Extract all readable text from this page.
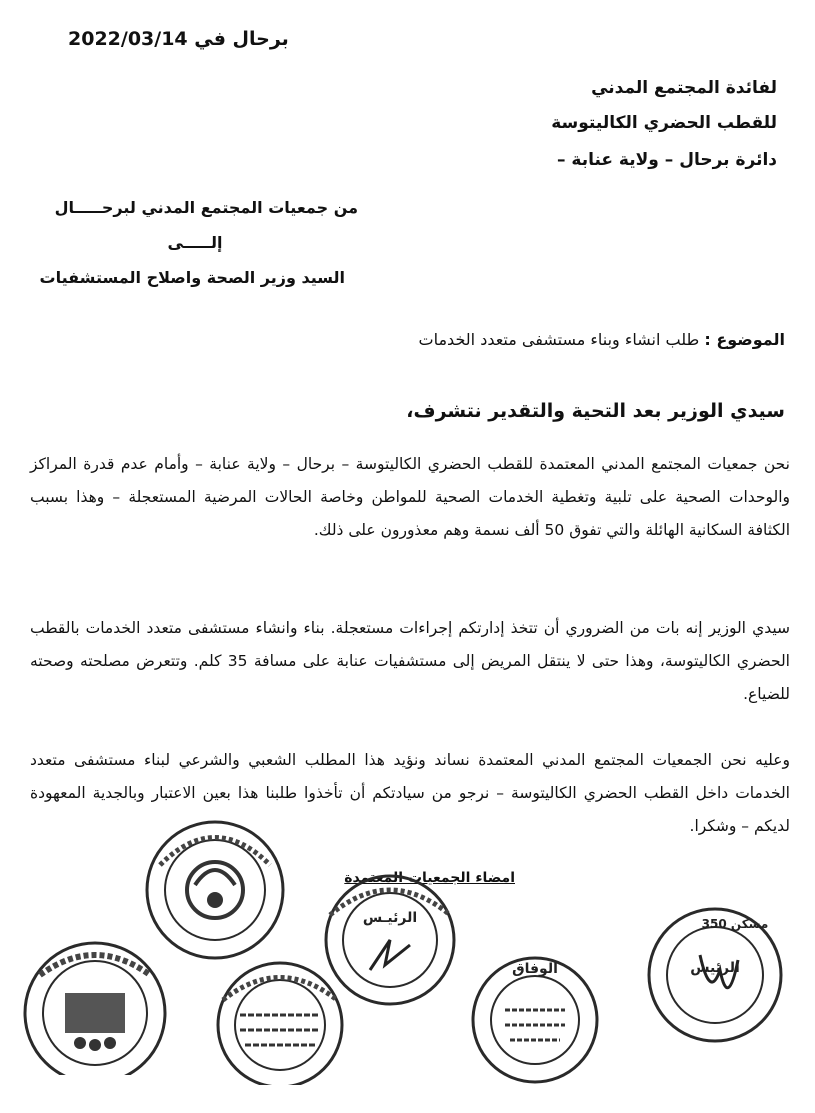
برحال في 2022/03/14
لفائدة المجتمع المدني
للقطب الحضري الكاليتوسة
دائرة برحال – ولاية عنابة –
من جمعيات المجتمع المدني لبرحـــــال
إلـــــى
السيد وزير الصحة واصلاح المستشفيات
الموضوع : طلب انشاء وبناء مستشفى متعدد الخدمات
سيدي الوزير بعد التحية والتقدير نتشرف،
نحن جمعيات المجتمع المدني المعتمدة للقطب الحضري الكاليتوسة – برحال – ولاية عنابة – وأمام عدم قدرة المراكز والوحدات الصحية على تلبية وتغطية الخدمات الصحية للمواطن وخاصة الحالات المرضية المستعجلة – وهذا بسبب الكثافة السكانية الهائلة والتي تفوق 50 ألف نسمة وهم معذورون على ذلك.
سيدي الوزير إنه بات من الضروري أن تتخذ إدارتكم إجراءات مستعجلة. بناء وانشاء مستشفى متعدد الخدمات بالقطب الحضري الكاليتوسة، وهذا حتى لا ينتقل المريض إلى مستشفيات عنابة على مسافة 35 كلم. وتتعرض مصلحته وصحته للضياع.
وعليه نحن الجمعيات المجتمع المدني المعتمدة نساند ونؤيد هذا المطلب الشعبي والشرعي لبناء مستشفى متعدد الخدمات داخل القطب الحضري الكاليتوسة – نرجو من سيادتكم أن تأخذوا طلبنا هذا بعين الاعتبار وبالجدية المعهودة لديكم – وشكرا.
امضاء الجمعيات المعتمدة
الرئيـس
الوفاق
350 مسكن
الرئيس
